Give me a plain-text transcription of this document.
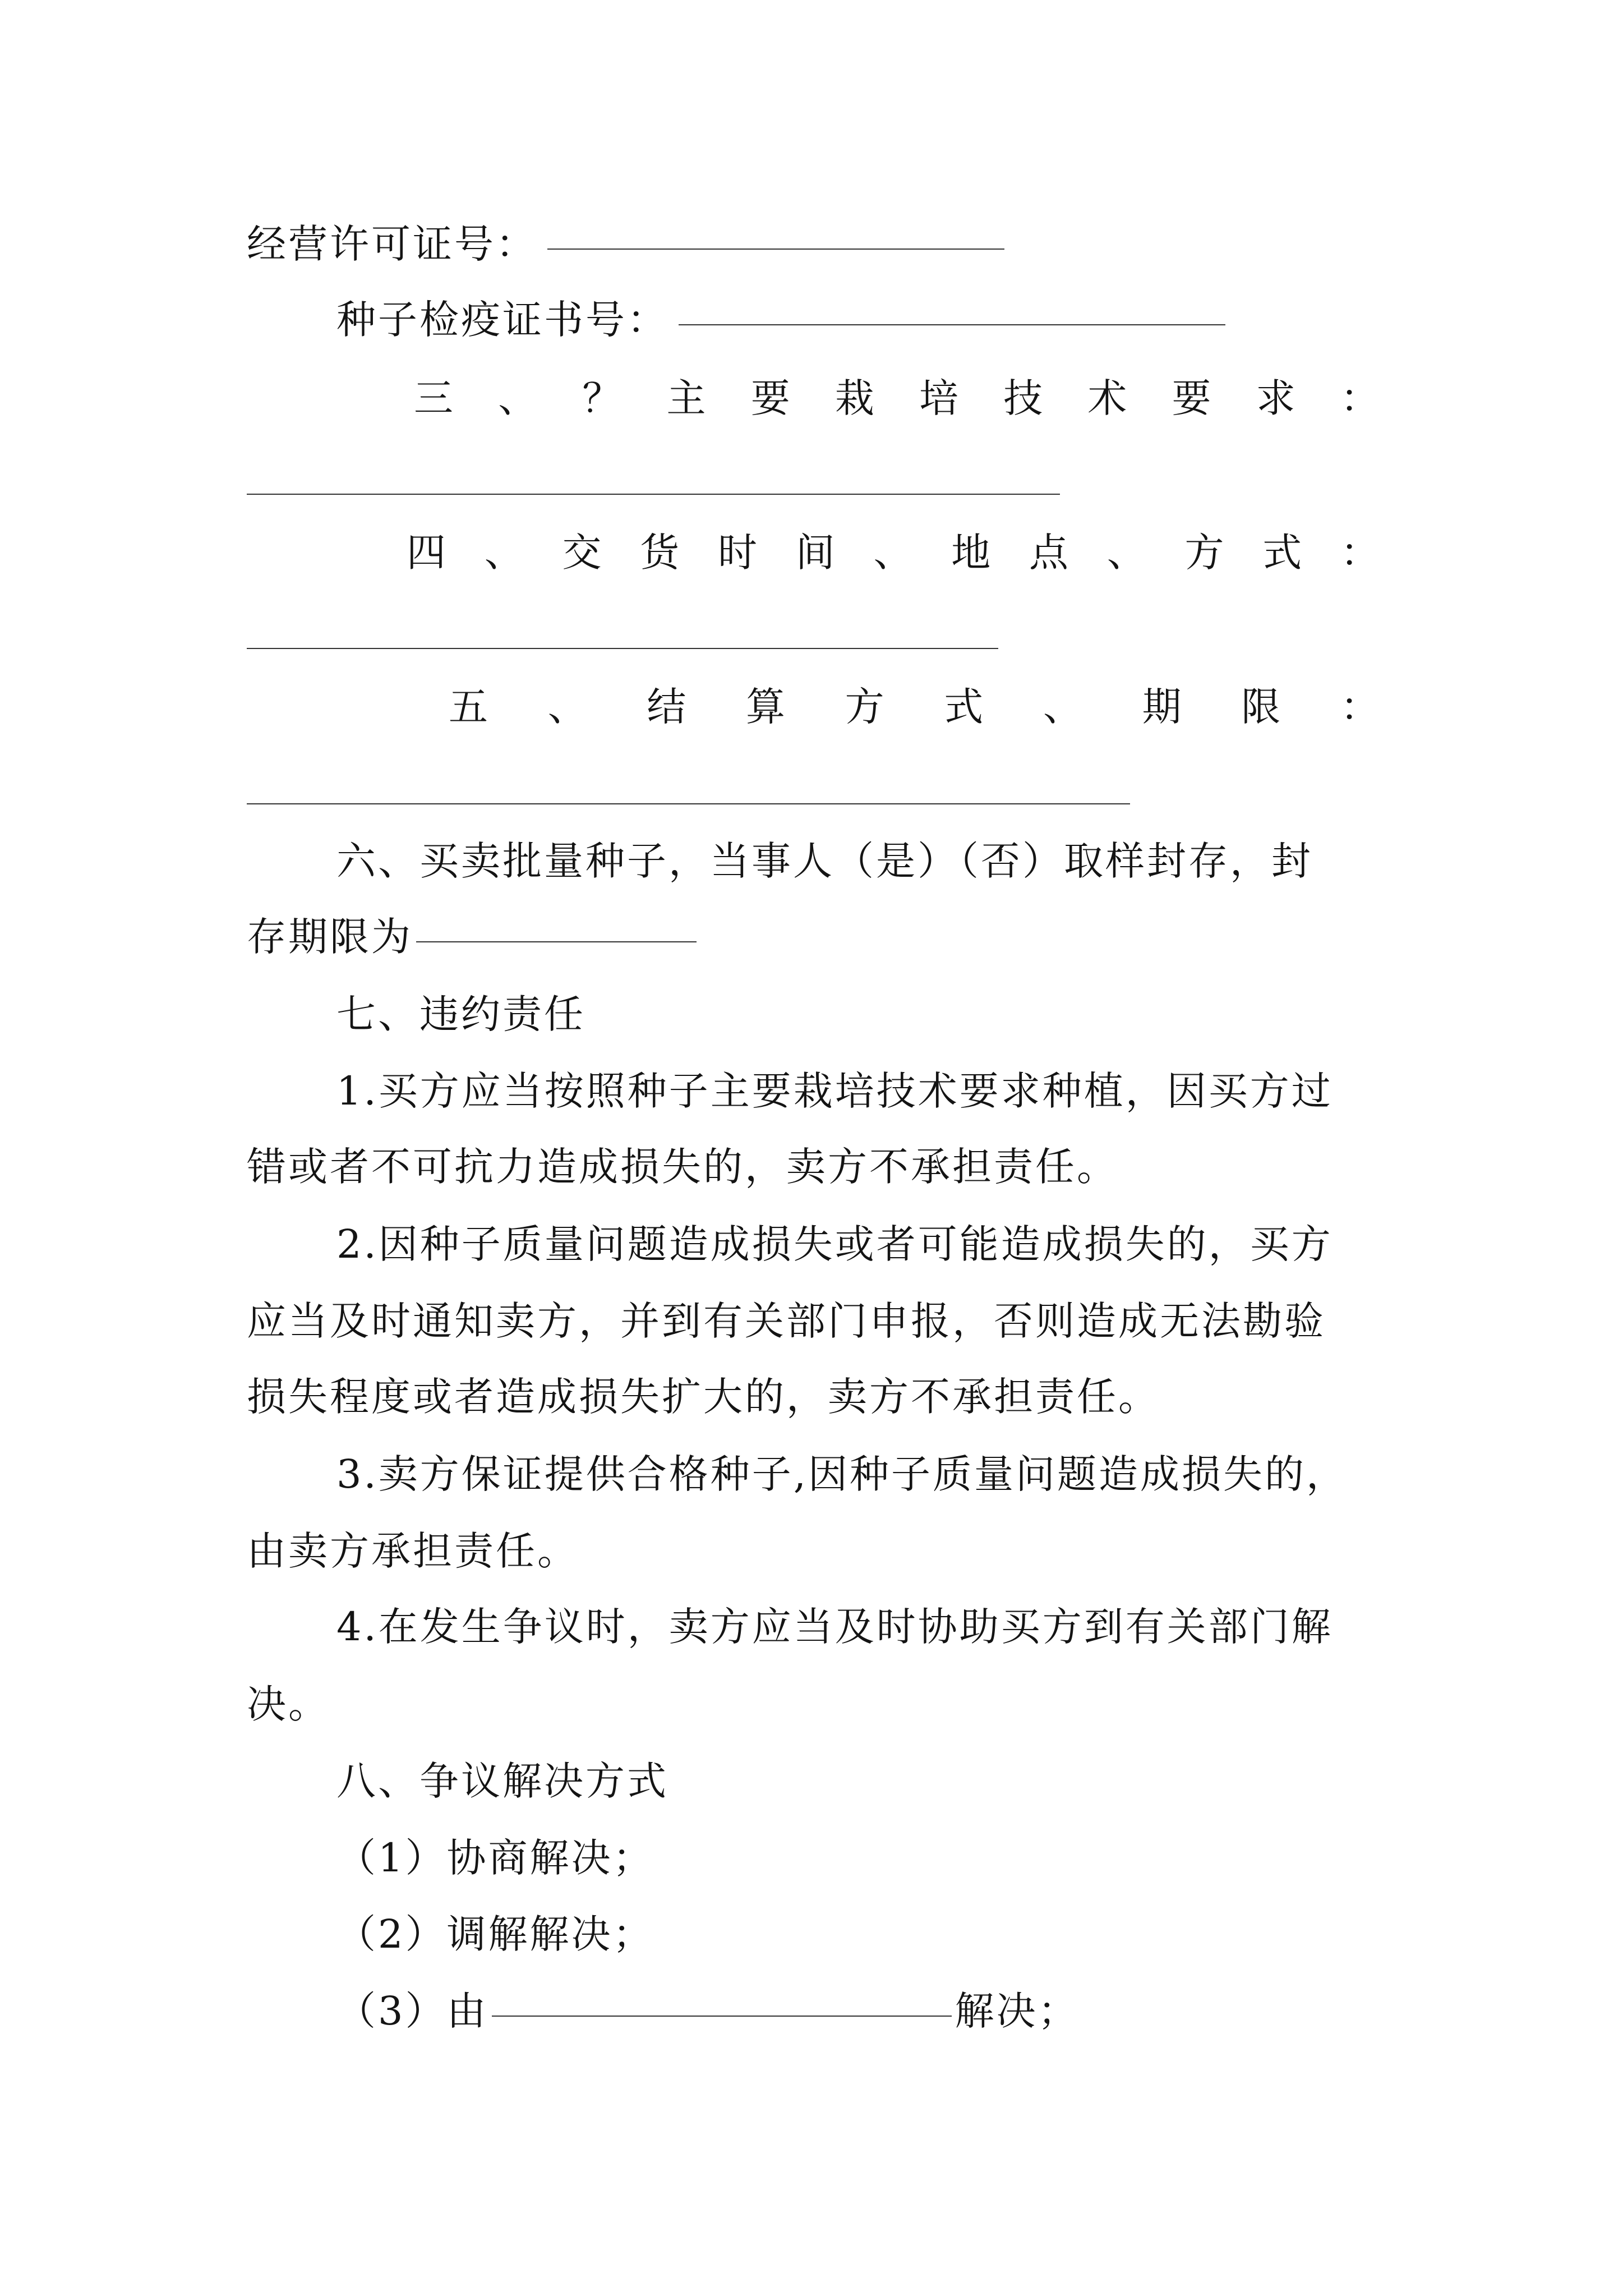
经营许可证号：
种子检疫证书号：
三 、 ？ 主 要 栽 培 技 术 要 求 ：
四 、 交 货 时 间 、 地 点 、 方 式 ：
五 、 结 算 方 式 、 期 限 ：
六、买卖批量种子，当事人（是）（否）取样封存，封
存期限为
七、违约责任
1.买方应当按照种子主要栽培技术要求种植，因买方过
错或者不可抗力造成损失的，卖方不承担责任。
2.因种子质量问题造成损失或者可能造成损失的，买方
应当及时通知卖方，并到有关部门申报，否则造成无法勘验
损失程度或者造成损失扩大的，卖方不承担责任。
3.卖方保证提供合格种子,因种子质量问题造成损失的，
由卖方承担责任。
4.在发生争议时，卖方应当及时协助买方到有关部门解
决。
八、争议解决方式
（1）协商解决；
（2）调解解决；
（3）由	解决；
